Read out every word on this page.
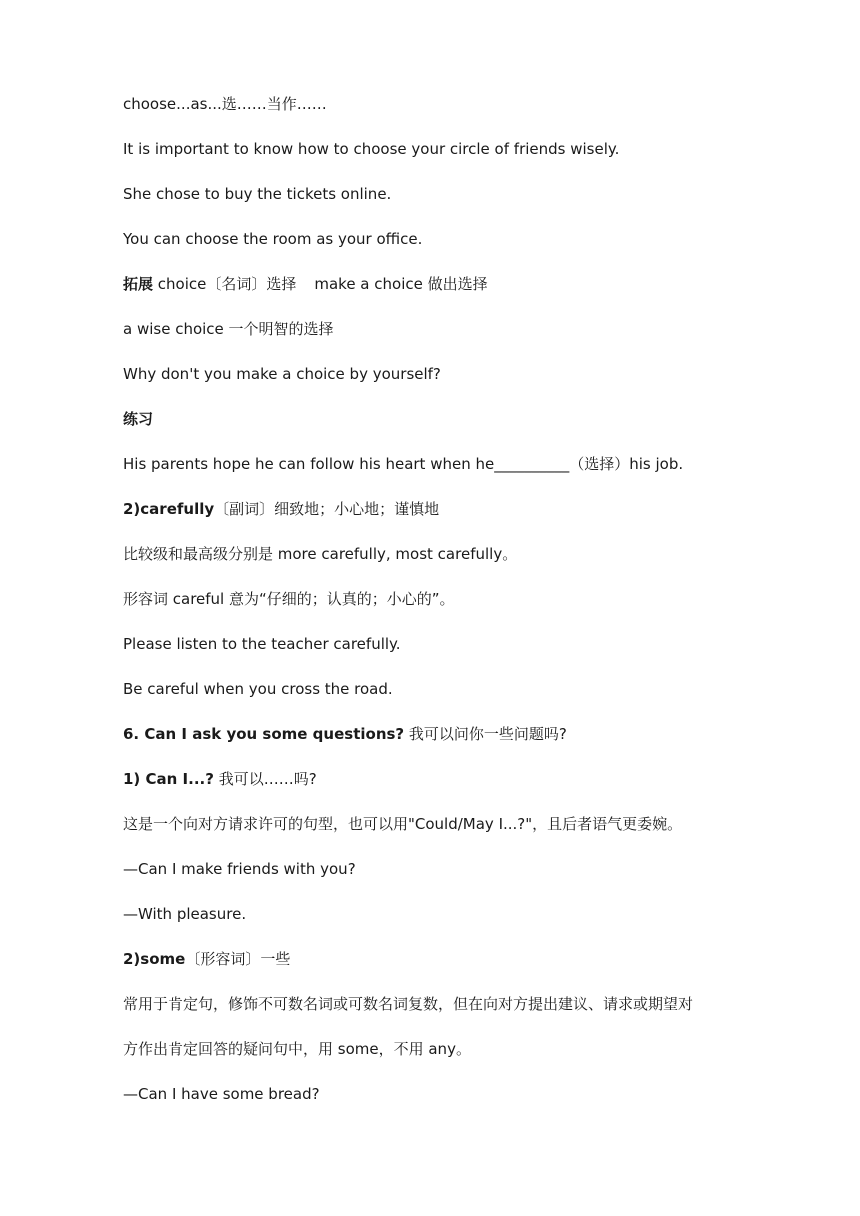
choose...as...选……当作……
It is important to know how to choose your circle of friends wisely.
She chose to buy the tickets online.
You can choose the room as your office.
拓展 choice〔名词〕选择 make a choice 做出选择
a wise choice 一个明智的选择
Why don't you make a choice by yourself?
练习
His parents hope he can follow his heart when he__________（选择）his job.
2)carefully〔副词〕细致地；小心地；谨慎地
比较级和最高级分别是 more carefully, most carefully。
形容词 careful 意为“仔细的；认真的；小心的”。
Please listen to the teacher carefully.
Be careful when you cross the road.
6. Can I ask you some questions? 我可以问你一些问题吗?
1) Can I...? 我可以……吗?
这是一个向对方请求许可的句型，也可以用"Could/May I...?"，且后者语气更委婉。
—Can I make friends with you?
—With pleasure.
2)some〔形容词〕一些
常用于肯定句，修饰不可数名词或可数名词复数，但在向对方提出建议、请求或期望对
方作出肯定回答的疑问句中，用 some，不用 any。
—Can I have some bread?
